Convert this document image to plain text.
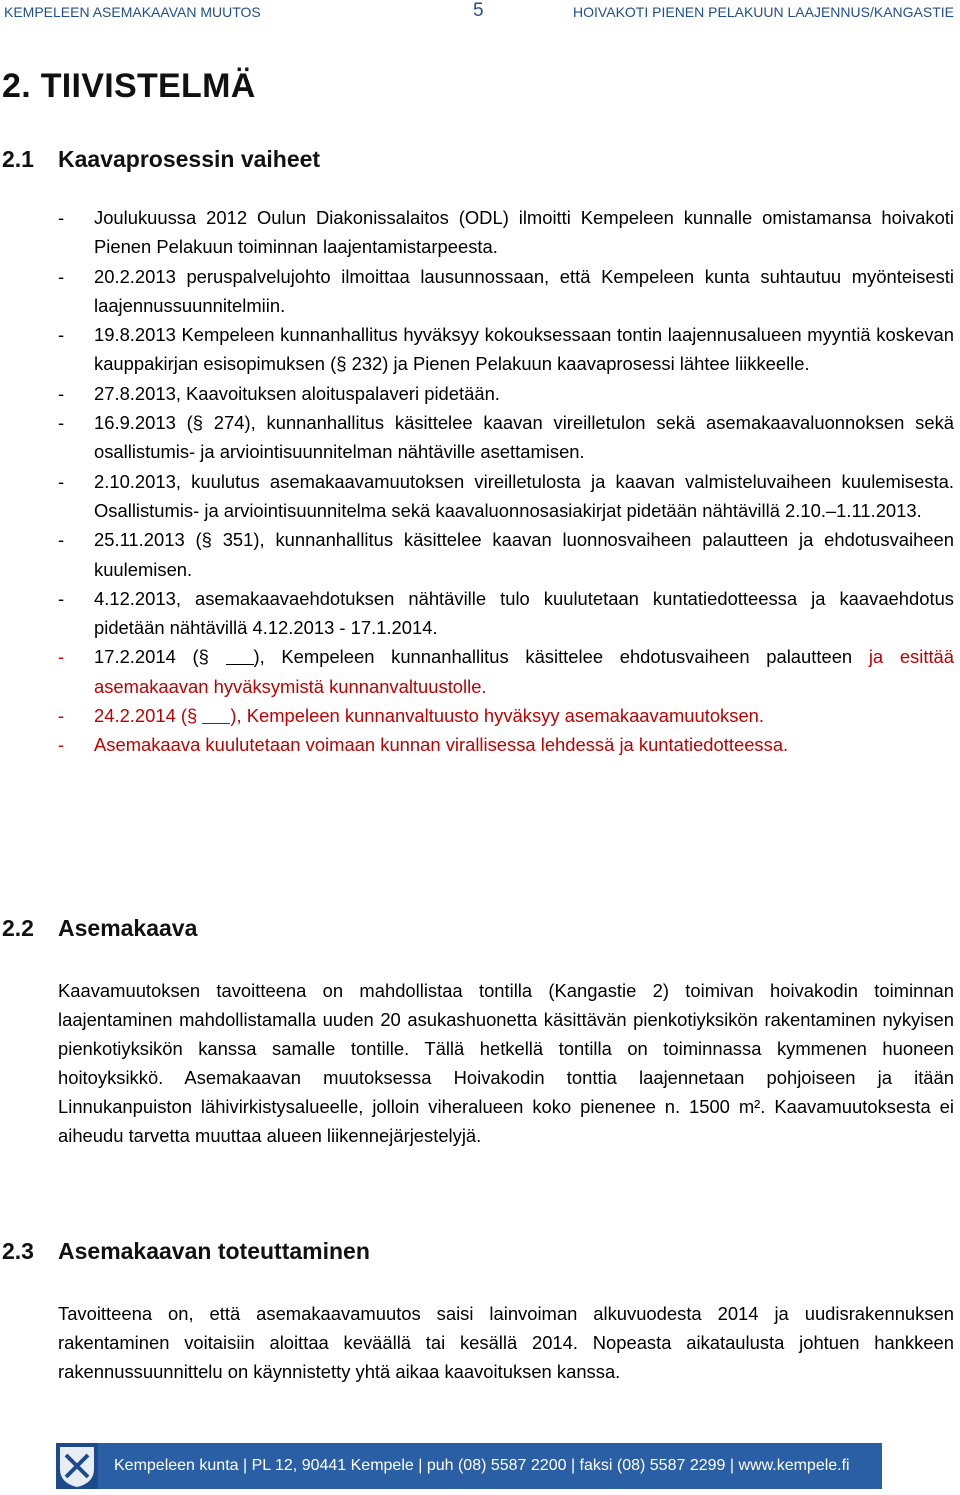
KEMPELEEN ASEMAKAAVAN MUUTOS	5	HOIVAKOTI PIENEN PELAKUUN LAAJENNUS/KANGASTIE
2. TIIVISTELMÄ
2.1 Kaavaprosessin vaiheet
- Joulukuussa 2012 Oulun Diakonissalaitos (ODL) ilmoitti Kempeleen kunnalle omistamansa hoivakoti Pienen Pelakuun toiminnan laajentamistarpeesta.
- 20.2.2013 peruspalvelujohto ilmoittaa lausunnossaan, että Kempeleen kunta suhtautuu myönteisesti laajennussuunnitelmiin.
- 19.8.2013 Kempeleen kunnanhallitus hyväksyy kokouksessaan tontin laajennusalueen myyntiä koskevan kauppakirjan esisopimuksen (§ 232) ja Pienen Pelakuun kaavaprosessi lähtee liikkeelle.
- 27.8.2013, Kaavoituksen aloituspalaveri pidetään.
- 16.9.2013 (§ 274), kunnanhallitus käsittelee kaavan vireilletulon sekä asemakaavaluonnoksen sekä osallistumis- ja arviointisuunnitelman nähtäville asettamisen.
- 2.10.2013, kuulutus asemakaavamuutoksen vireilletulosta ja kaavan valmisteluvaiheen kuulemisesta. Osallistumis- ja arviointisuunnitelma sekä kaavaluonnosasiakirjat pidetään nähtävillä 2.10.–1.11.2013.
- 25.11.2013 (§ 351), kunnanhallitus käsittelee kaavan luonnosvaiheen palautteen ja ehdotusvaiheen kuulemisen.
- 4.12.2013, asemakaavaehdotuksen nähtäville tulo kuulutetaan kuntatiedotteessa ja kaavaehdotus pidetään nähtävillä 4.12.2013 - 17.1.2014.
- 17.2.2014 (§ ), Kempeleen kunnanhallitus käsittelee ehdotusvaiheen palautteen ja esittää asemakaavan hyväksymistä kunnanvaltuustolle.
- 24.2.2014 (§ ), Kempeleen kunnanvaltuusto hyväksyy asemakaavamuutoksen.
- Asemakaava kuulutetaan voimaan kunnan virallisessa lehdessä ja kuntatiedotteessa.
2.2 Asemakaava
Kaavamuutoksen tavoitteena on mahdollistaa tontilla (Kangastie 2) toimivan hoivakodin toiminnan laajentaminen mahdollistamalla uuden 20 asukashuonetta käsittävän pienkotiyksikön rakentaminen nykyisen pienkotiyksikön kanssa samalle tontille. Tällä hetkellä tontilla on toiminnassa kymmenen huoneen hoitoyksikkö. Asemakaavan muutoksessa Hoivakodin tonttia laajennetaan pohjoiseen ja itään Linnukanpuiston lähivirkistysalueelle, jolloin viheralueen koko pienenee n. 1500 m². Kaavamuutoksesta ei aiheudu tarvetta muuttaa alueen liikennejärjestelyjä.
2.3 Asemakaavan toteuttaminen
Tavoitteena on, että asemakaavamuutos saisi lainvoiman alkuvuodesta 2014 ja uudisrakennuksen rakentaminen voitaisiin aloittaa keväällä tai kesällä 2014. Nopeasta aikataulusta johtuen hankkeen rakennussuunnittelu on käynnistetty yhtä aikaa kaavoituksen kanssa.
Kempeleen kunta | PL 12, 90441 Kempele | puh (08) 5587 2200 | faksi (08) 5587 2299 | www.kempele.fi
